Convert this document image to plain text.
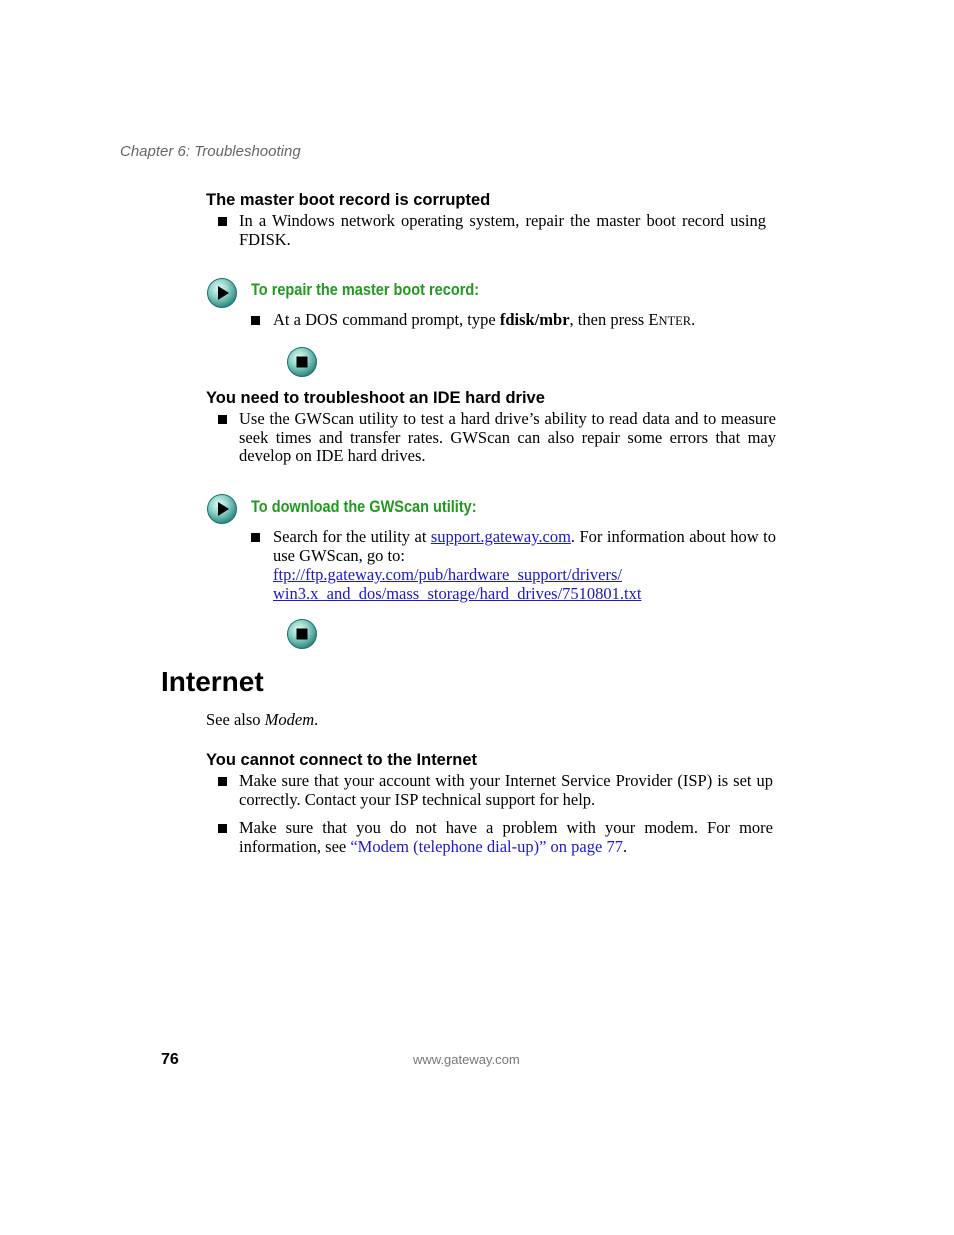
Chapter 6: Troubleshooting
The master boot record is corrupted
In a Windows network operating system, repair the master boot record using FDISK.
To repair the master boot record:
At a DOS command prompt, type fdisk/mbr, then press ENTER.
You need to troubleshoot an IDE hard drive
Use the GWScan utility to test a hard drive’s ability to read data and to measure seek times and transfer rates. GWScan can also repair some errors that may develop on IDE hard drives.
To download the GWScan utility:
Search for the utility at support.gateway.com. For information about how to use GWScan, go to:
ftp://ftp.gateway.com/pub/hardware_support/drivers/
win3.x_and_dos/mass_storage/hard_drives/7510801.txt
Internet
See also Modem.
You cannot connect to the Internet
Make sure that your account with your Internet Service Provider (ISP) is set up correctly. Contact your ISP technical support for help.
Make sure that you do not have a problem with your modem. For more information, see “Modem (telephone dial-up)” on page 77.
76	www.gateway.com
